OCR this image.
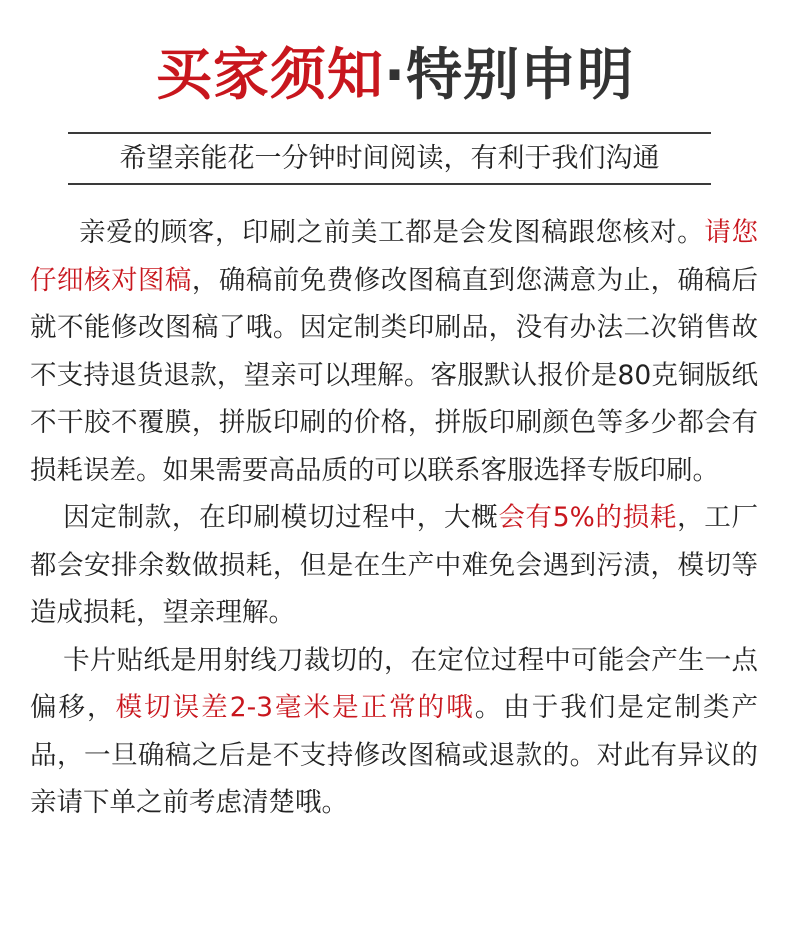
买家须知·特别申明
希望亲能花一分钟时间阅读，有利于我们沟通

亲爱的顾客，印刷之前美工都是会发图稿跟您核对。请您仔细核对图稿，确稿前免费修改图稿直到您满意为止，确稿后就不能修改图稿了哦。因定制类印刷品，没有办法二次销售故不支持退货退款，望亲可以理解。客服默认报价是80克铜版纸不干胶不覆膜，拼版印刷的价格，拼版印刷颜色等多少都会有损耗误差。如果需要高品质的可以联系客服选择专版印刷。

因定制款，在印刷模切过程中，大概会有5%的损耗，工厂都会安排余数做损耗，但是在生产中难免会遇到污渍，模切等造成损耗，望亲理解。

卡片贴纸是用射线刀裁切的，在定位过程中可能会产生一点偏移，模切误差2-3毫米是正常的哦。由于我们是定制类产品，一旦确稿之后是不支持修改图稿或退款的。对此有异议的亲请下单之前考虑清楚哦。
